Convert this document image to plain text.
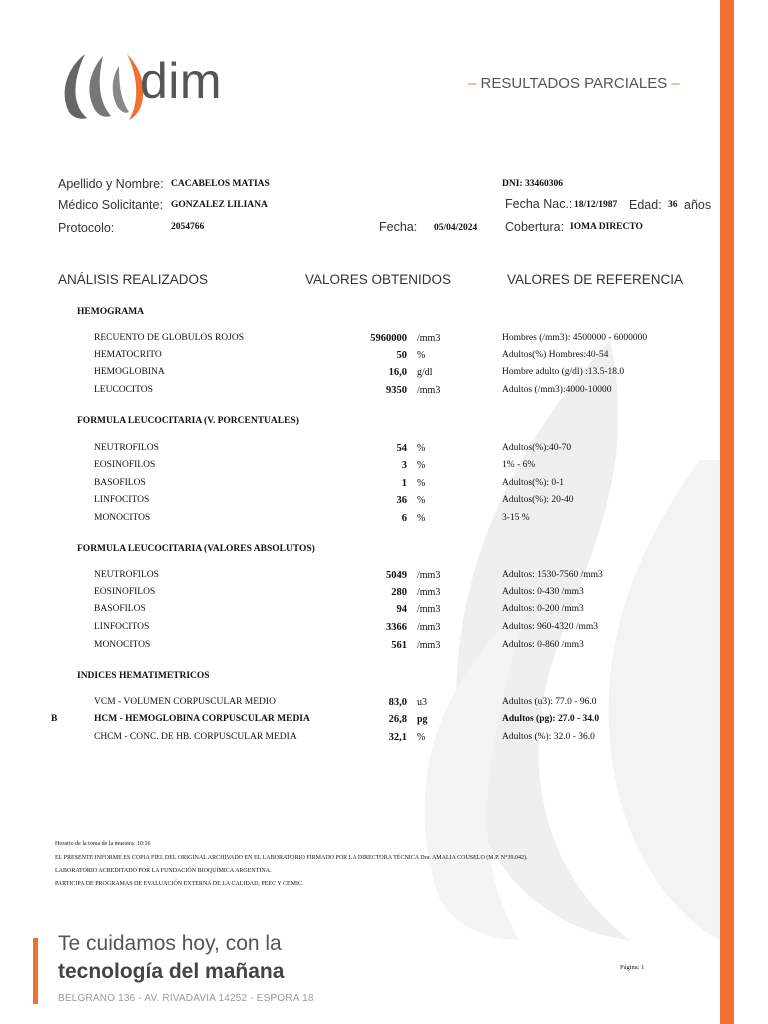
dim	– RESULTADOS PARCIALES –
Apellido y Nombre: CACABELOS MATIAS	DNI: 33460306
Médico Solicitante: GONZALEZ LILIANA	Fecha Nac.: 18/12/1987 Edad: 36 años
Protocolo:	2054766	Fecha: 05/04/2024 Cobertura: IOMA DIRECTO
ANÁLISIS REALIZADOS	VALORES OBTENIDOS	VALORES DE REFERENCIA
HEMOGRAMA
RECUENTO DE GLOBULOS ROJOS	5960000 /mm3	Hombres (/mm3): 4500000 - 6000000
HEMATOCRITO	50 %	Adultos(%) Hombres:40-54
HEMOGLOBINA	16,0 g/dl	Hombre adulto (g/dl) :13.5-18.0
LEUCOCITOS	9350 /mm3	Adultos (/mm3):4000-10000
FORMULA LEUCOCITARIA (V. PORCENTUALES)
NEUTROFILOS	54 %	Adultos(%):40-70
EOSINOFILOS	3 %	1% - 6%
BASOFILOS	1 %	Adultos(%): 0-1
LINFOCITOS	36 %	Adultos(%): 20-40
MONOCITOS	6 %	3-15 %
FORMULA LEUCOCITARIA (VALORES ABSOLUTOS)
NEUTROFILOS	5049 /mm3	Adultos: 1530-7560 /mm3
EOSINOFILOS	280 /mm3	Adultos: 0-430 /mm3
BASOFILOS	94 /mm3	Adultos: 0-200 /mm3
LINFOCITOS	3366 /mm3	Adultos: 960-4320 /mm3
MONOCITOS	561 /mm3	Adultos: 0-860 /mm3
INDICES HEMATIMETRICOS
VCM - VOLUMEN CORPUSCULAR MEDIO	83,0 u3	Adultos (u3): 77.0 - 96.0
B	HCM - HEMOGLOBINA CORPUSCULAR MEDIA	26,8 pg	Adultos (pg): 27.0 - 34.0
CHCM - CONC. DE HB. CORPUSCULAR MEDIA	32,1 %	Adultos (%): 32.0 - 36.0
Horario de la toma de la muestra: 10:16
EL PRESENTE INFORME ES COPIA FIEL DEL ORIGINAL ARCHIVADO EN EL LABORATORIO FIRMADO POR LA DIRECTORA TÉCNICA Dra. AMALIA COUSELO (M.P. N°39.042).
LABORATORIO ACREDITADO POR LA FUNDACIÓN BIOQUÍMICA ARGENTINA.
PARTICIPA DE PROGRAMAS DE EVALUACIÓN EXTERNA DE LA CALIDAD, PEEC Y CEMIC.
Te cuidamos hoy, con la
tecnología del mañana
BELGRANO 136 - AV. RIVADAVIA 14252 - ESPORA 18
Página: 1
